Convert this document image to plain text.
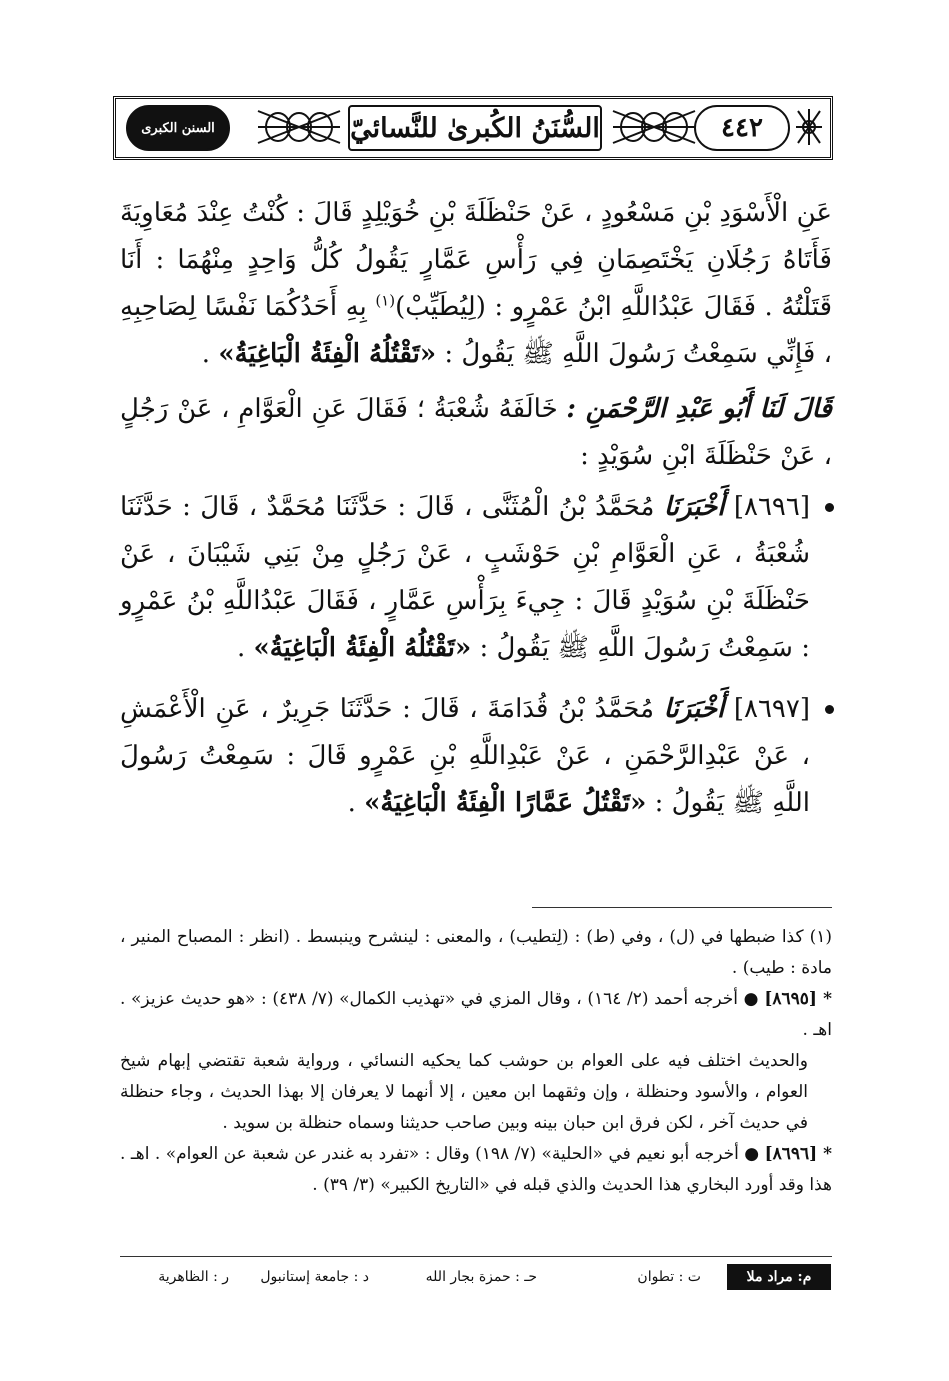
٤٤٢
السُّنَنُ الكُبرىٰ للنَّسائيّ
السنن الكبرى

عَنِ الْأَسْوَدِ بْنِ مَسْعُودٍ ، عَنْ حَنْظَلَةَ بْنِ خُوَيْلِدٍ قَالَ : كُنْتُ عِنْدَ مُعَاوِيَةَ فَأَتَاهُ رَجُلَانِ يَخْتَصِمَانِ فِي رَأْسِ عَمَّارٍ يَقُولُ كُلُّ وَاحِدٍ مِنْهُمَا : أَنَا قَتَلْتُهُ . فَقَالَ عَبْدُاللَّهِ ابْنُ عَمْرٍو : (لِيُطَيِّبْ)$^{(١)}$ بِهِ أَحَدُكُمَا نَفْسًا لِصَاحِبِهِ ، فَإِنِّي سَمِعْتُ رَسُولَ اللَّهِ ﷺ يَقُولُ : «تَقْتُلُهُ الْفِئَةُ الْبَاغِيَةُ» .

قَالَ لَنَا أَبُو عَبْدِ الرَّحْمَنِ : خَالَفَهُ شُعْبَةُ ؛ فَقَالَ عَنِ الْعَوَّامِ ، عَنْ رَجُلٍ ، عَنْ حَنْظَلَةَ ابْنِ سُوَيْدٍ :

[٨٦٩٦] أَخْبَرَنَا مُحَمَّدُ بْنُ الْمُثَنَّى ، قَالَ : حَدَّثَنَا مُحَمَّدٌ ، قَالَ : حَدَّثَنَا شُعْبَةُ ، عَنِ الْعَوَّامِ بْنِ حَوْشَبٍ ، عَنْ رَجُلٍ مِنْ بَنِي شَيْبَانَ ، عَنْ حَنْظَلَةَ بْنِ سُوَيْدٍ قَالَ : جِيءَ بِرَأْسِ عَمَّارٍ ، فَقَالَ عَبْدُاللَّهِ بْنُ عَمْرٍو : سَمِعْتُ رَسُولَ اللَّهِ ﷺ يَقُولُ : «تَقْتُلُهُ الْفِئَةُ الْبَاغِيَةُ» .

[٨٦٩٧] أَخْبَرَنَا مُحَمَّدُ بْنُ قُدَامَةَ ، قَالَ : حَدَّثَنَا جَرِيرٌ ، عَنِ الْأَعْمَشِ ، عَنْ عَبْدِالرَّحْمَنِ ، عَنْ عَبْدِاللَّهِ بْنِ عَمْرٍو قَالَ : سَمِعْتُ رَسُولَ اللَّهِ ﷺ يَقُولُ : «تَقْتُلُ عَمَّارًا الْفِئَةُ الْبَاغِيَةُ» .

(١) كذا ضبطها في (ل) ، وفي (ط) : (لِتطيب) ، والمعنى : لينشرح وينبسط . (انظر : المصباح المنير ، مادة : طيب) .

* [٨٦٩٥] ● أخرجه أحمد (٢/ ١٦٤) ، وقال المزي في «تهذيب الكمال» (٧/ ٤٣٨) : «هو حديث عزيز» . اهـ .

والحديث اختلف فيه على العوام بن حوشب كما يحكيه النسائي ، ورواية شعبة تقتضي إبهام شيخ العوام ، والأسود وحنظلة ، وإن وثقهما ابن معين ، إلا أنهما لا يعرفان إلا بهذا الحديث ، وجاء حنظلة في حديث آخر ، لكن فرق ابن حبان بينه وبين صاحب حديثنا وسماه حنظلة بن سويد .

* [٨٦٩٦] ● أخرجه أبو نعيم في «الحلية» (٧/ ١٩٨) وقال : «تفرد به غندر عن شعبة عن العوام» . اهـ . هذا وقد أورد البخاري هذا الحديث والذي قبله في «التاريخ الكبير» (٣/ ٣٩) .

م: مراد ملا
ت : تطوان
حـ : حمزة بجار الله
د : جامعة إستانبول
ر : الظاهرية
